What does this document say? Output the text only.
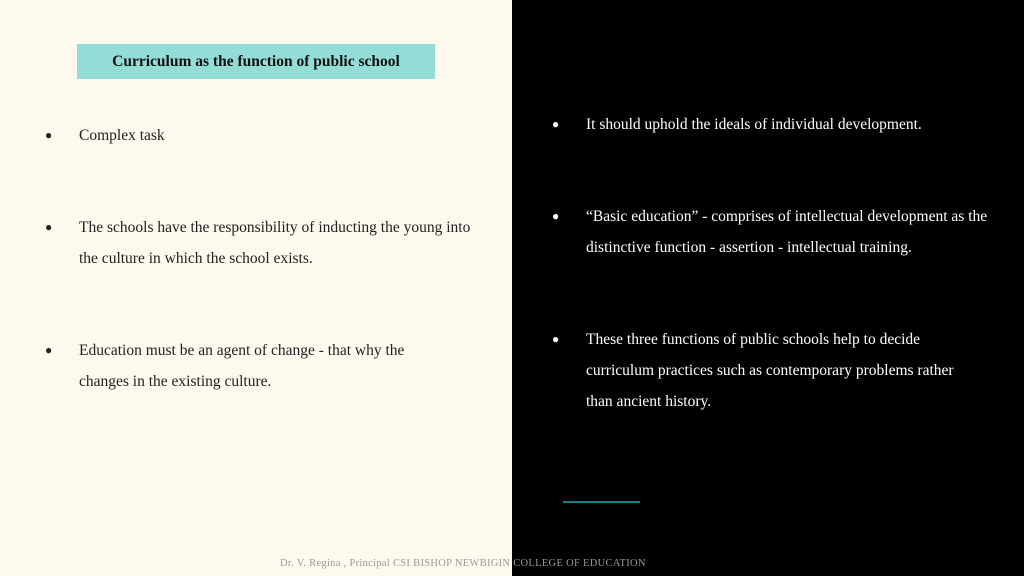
Curriculum as the function of public school
● Complex task
● The schools have the responsibility of inducting the young into the culture in which the school exists.
● Education must be an agent of change - that why the changes in the existing culture.
● It should uphold the ideals of individual development.
● “Basic education” - comprises of intellectual development as the distinctive function - assertion - intellectual training.
● These three functions of public schools help to decide curriculum practices such as contemporary problems rather than ancient history.
Dr. V. Regina , Principal CSI BISHOP NEWBIGIN COLLEGE OF EDUCATION
